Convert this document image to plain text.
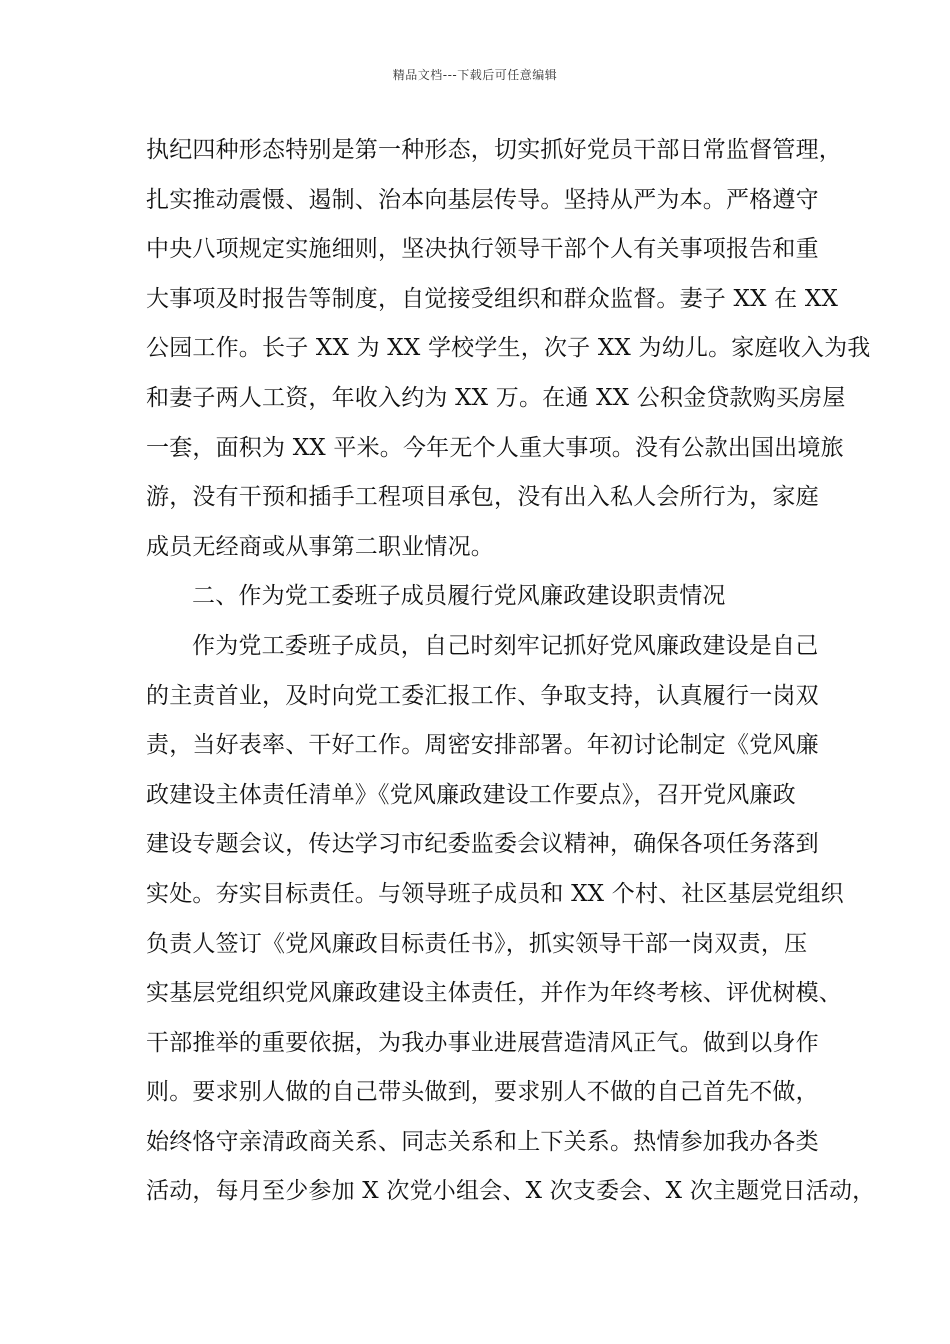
精品文档---下载后可任意编辑
执纪四种形态特别是第一种形态，切实抓好党员干部日常监督管理，
扎实推动震慑、遏制、治本向基层传导。坚持从严为本。严格遵守
中央八项规定实施细则，坚决执行领导干部个人有关事项报告和重
大事项及时报告等制度，自觉接受组织和群众监督。妻子 XX 在 XX
公园工作。长子 XX 为 XX 学校学生，次子 XX 为幼儿。家庭收入为我
和妻子两人工资，年收入约为 XX 万。在通 XX 公积金贷款购买房屋
一套，面积为 XX 平米。今年无个人重大事项。没有公款出国出境旅
游，没有干预和插手工程项目承包，没有出入私人会所行为，家庭
成员无经商或从事第二职业情况。
二、作为党工委班子成员履行党风廉政建设职责情况
作为党工委班子成员，自己时刻牢记抓好党风廉政建设是自己
的主责首业，及时向党工委汇报工作、争取支持，认真履行一岗双
责，当好表率、干好工作。周密安排部署。年初讨论制定《党风廉
政建设主体责任清单》《党风廉政建设工作要点》，召开党风廉政
建设专题会议，传达学习市纪委监委会议精神，确保各项任务落到
实处。夯实目标责任。与领导班子成员和 XX 个村、社区基层党组织
负责人签订《党风廉政目标责任书》，抓实领导干部一岗双责，压
实基层党组织党风廉政建设主体责任，并作为年终考核、评优树模、
干部推举的重要依据，为我办事业进展营造清风正气。做到以身作
则。要求别人做的自己带头做到，要求别人不做的自己首先不做，
始终恪守亲清政商关系、同志关系和上下关系。热情参加我办各类
活动，每月至少参加 X 次党小组会、X 次支委会、X 次主题党日活动，
